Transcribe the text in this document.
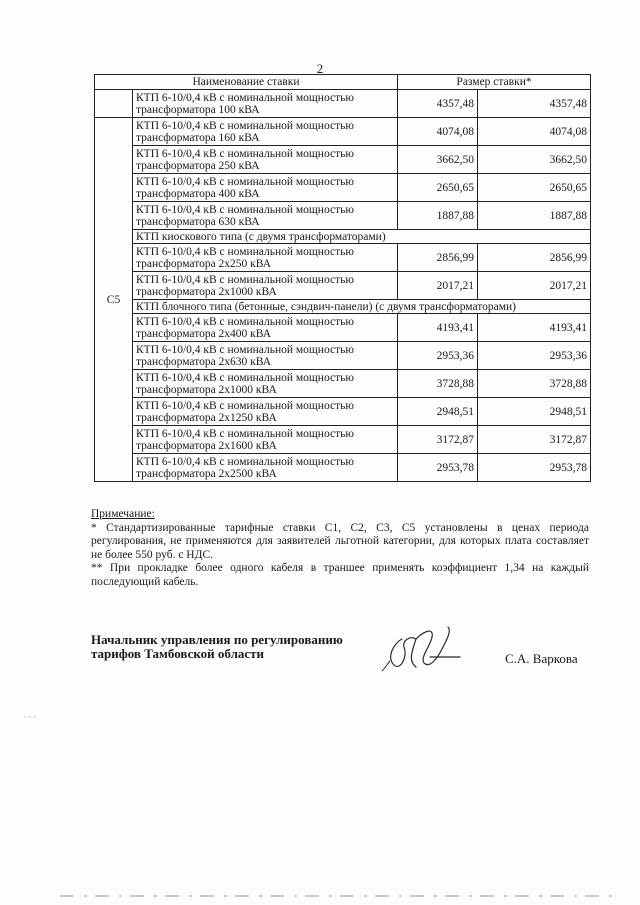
2
Наименование ставки		Размер ставки*	

	КТП 6-10/0,4 кВ с номинальной мощностью
трансформатора 100 кВА	4357,48	4357,48
С5	КТП 6-10/0,4 кВ с номинальной мощностью
трансформатора 160 кВА	4074,08	4074,08

	КТП 6-10/0,4 кВ с номинальной мощностью
трансформатора 250 кВА	3662,50	3662,50

	КТП 6-10/0,4 кВ с номинальной мощностью
трансформатора 400 кВА	2650,65	2650,65

	КТП 6-10/0,4 кВ с номинальной мощностью
трансформатора 630 кВА	1887,88	1887,88
	КТП киоскового типа (с двумя трансформаторами)		

	КТП 6-10/0,4 кВ с номинальной мощностью
трансформатора 2х250 кВА	2856,99	2856,99

	КТП 6-10/0,4 кВ с номинальной мощностью
трансформатора 2х1000 кВА	2017,21	2017,21
	КТП блочного типа (бетонные, сэндвич-панели) (с двумя трансформаторами)		

	КТП 6-10/0,4 кВ с номинальной мощностью
трансформатора 2х400 кВА	4193,41	4193,41

	КТП 6-10/0,4 кВ с номинальной мощностью
трансформатора 2х630 кВА	2953,36	2953,36

	КТП 6-10/0,4 кВ с номинальной мощностью
трансформатора 2х1000 кВА	3728,88	3728,88

	КТП 6-10/0,4 кВ с номинальной мощностью
трансформатора 2х1250 кВА	2948,51	2948,51

	КТП 6-10/0,4 кВ с номинальной мощностью
трансформатора 2х1600 кВА	3172,87	3172,87

	КТП 6-10/0,4 кВ с номинальной мощностью
трансформатора 2х2500 кВА	2953,78	2953,78

Примечание:

* Стандартизированные тарифные ставки С1, С2, С3, С5 установлены в ценах периода регулирования, не применяются для заявителей льготной категории, для которых плата составляет не более 550 руб. с НДС.

** При прокладке более одного кабеля в траншее применять коэффициент 1,34 на каждый последующий кабель.

Начальник управления по регулированию
тарифов Тамбовской области	С.А. Варкова
